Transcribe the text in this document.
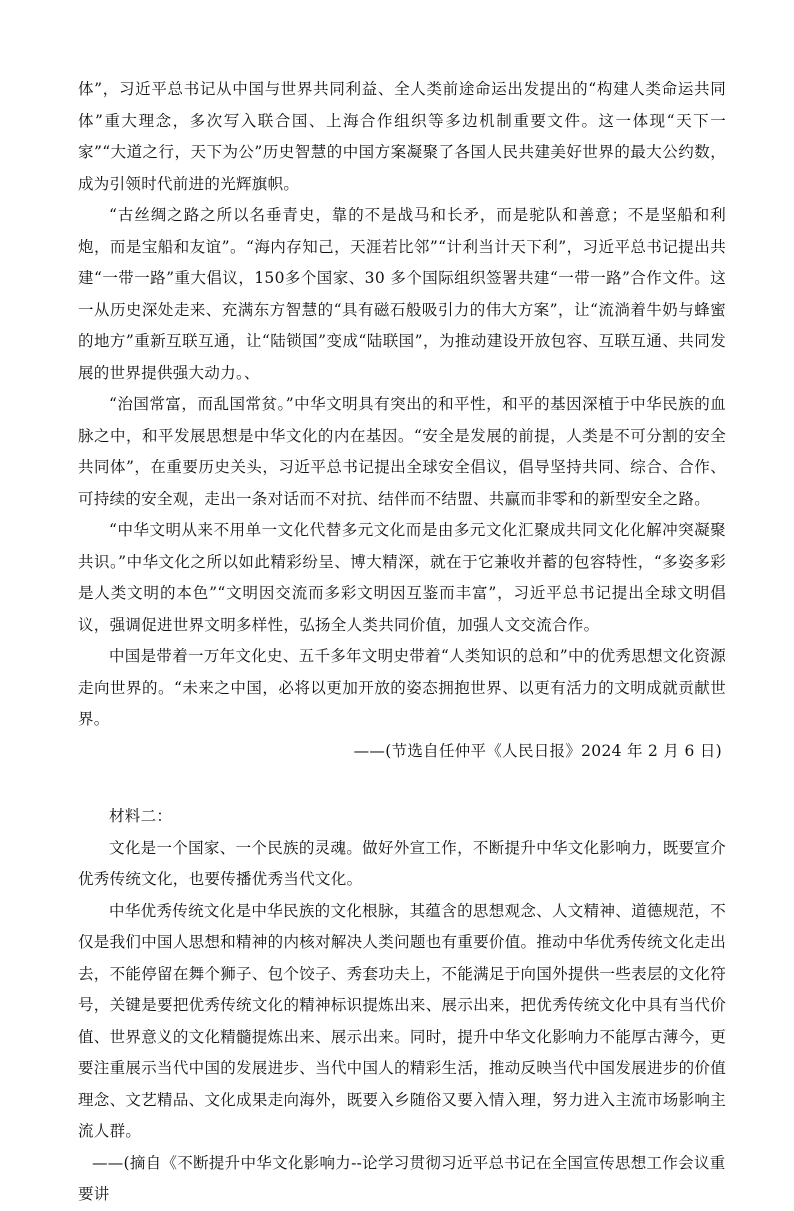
体”，习近平总书记从中国与世界共同利益、全人类前途命运出发提出的“构建人类命运共同体”重大理念，多次写入联合国、上海合作组织等多边机制重要文件。这一体现“天下一家”“大道之行，天下为公”历史智慧的中国方案凝聚了各国人民共建美好世界的最大公约数，成为引领时代前进的光辉旗帜。

“古丝绸之路之所以名垂青史，靠的不是战马和长矛，而是驼队和善意；不是坚船和利炮，而是宝船和友谊”。“海内存知己，天涯若比邻”“计利当计天下利”，习近平总书记提出共建“一带一路”重大倡议，150多个国家、30 多个国际组织签署共建“一带一路”合作文件。这一从历史深处走来、充满东方智慧的“具有磁石般吸引力的伟大方案”，让“流淌着牛奶与蜂蜜的地方”重新互联互通，让“陆锁国”变成“陆联国”，为推动建设开放包容、互联互通、共同发展的世界提供强大动力。、

“治国常富，而乱国常贫。”中华文明具有突出的和平性，和平的基因深植于中华民族的血脉之中，和平发展思想是中华文化的内在基因。“安全是发展的前提，人类是不可分割的安全共同体”，在重要历史关头，习近平总书记提出全球安全倡议，倡导坚持共同、综合、合作、可持续的安全观，走出一条对话而不对抗、结伴而不结盟、共赢而非零和的新型安全之路。

“中华文明从来不用单一文化代替多元文化而是由多元文化汇聚成共同文化化解冲突凝聚共识。”中华文化之所以如此精彩纷呈、博大精深，就在于它兼收并蓄的包容特性，“多姿多彩是人类文明的本色”“文明因交流而多彩文明因互鉴而丰富”，习近平总书记提出全球文明倡议，强调促进世界文明多样性，弘扬全人类共同价值，加强人文交流合作。

中国是带着一万年文化史、五千多年文明史带着“人类知识的总和”中的优秀思想文化资源走向世界的。“未来之中国，必将以更加开放的姿态拥抱世界、以更有活力的文明成就贡献世界。

——(节选自任仲平《人民日报》2024 年 2 月 6 日)

材料二：

文化是一个国家、一个民族的灵魂。做好外宣工作，不断提升中华文化影响力，既要宣介优秀传统文化，也要传播优秀当代文化。

中华优秀传统文化是中华民族的文化根脉，其蕴含的思想观念、人文精神、道德规范，不仅是我们中国人思想和精神的内核对解决人类问题也有重要价值。推动中华优秀传统文化走出去，不能停留在舞个狮子、包个饺子、秀套功夫上，不能满足于向国外提供一些表层的文化符号，关键是要把优秀传统文化的精神标识提炼出来、展示出来，把优秀传统文化中具有当代价值、世界意义的文化精髓提炼出来、展示出来。同时，提升中华文化影响力不能厚古薄今，更要注重展示当代中国的发展进步、当代中国人的精彩生活，推动反映当代中国发展进步的价值理念、文艺精品、文化成果走向海外，既要入乡随俗又要入情入理，努力进入主流市场影响主流人群。

——(摘自《不断提升中华文化影响力--论学习贯彻习近平总书记在全国宣传思想工作会议重要讲
